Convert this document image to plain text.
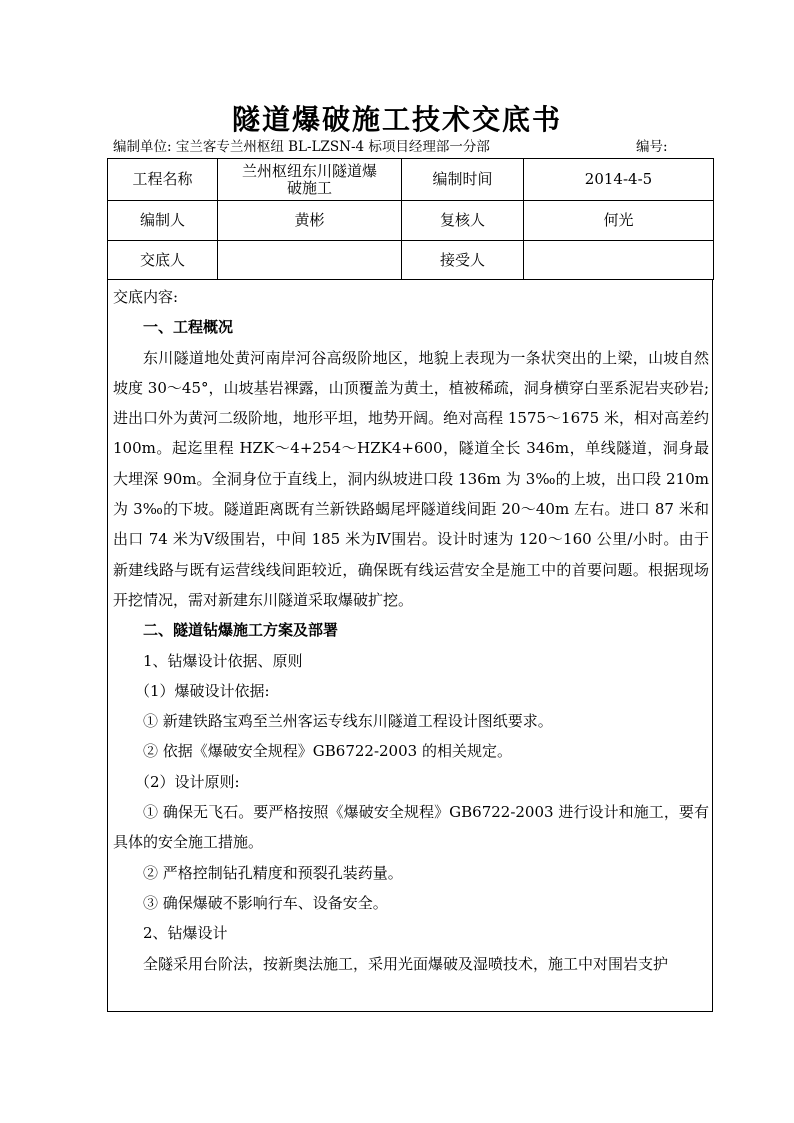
隧道爆破施工技术交底书
编制单位: 宝兰客专兰州枢纽 BL-LZSN-4 标项目经理部一分部	编号:
工程名称	兰州枢纽东川隧道爆破施工	编制时间	2014-4-5
编制人	黄彬	复核人	何光
交底人		接受人	

交底内容:

一、工程概况

东川隧道地处黄河南岸河谷高级阶地区，地貌上表现为一条状突出的上梁，山坡自然坡度 30～45°，山坡基岩裸露，山顶覆盖为黄土，植被稀疏，洞身横穿白垩系泥岩夹砂岩; 进出口外为黄河二级阶地，地形平坦，地势开阔。绝对高程 1575～1675 米，相对高差约 100m。起迄里程 HZK～4+254～HZK4+600，隧道全长 346m，单线隧道，洞身最大埋深 90m。全洞身位于直线上，洞内纵坡进口段 136m 为 3‰的上坡，出口段 210m 为 3‰的下坡。隧道距离既有兰新铁路蝎尾坪隧道线间距 20～40m 左右。进口 87 米和出口 74 米为Ⅴ级围岩，中间 185 米为Ⅳ围岩。设计时速为 120～160 公里/小时。由于新建线路与既有运营线线间距较近，确保既有线运营安全是施工中的首要问题。根据现场开挖情况，需对新建东川隧道采取爆破扩挖。

二、隧道钻爆施工方案及部署

1、钻爆设计依据、原则

（1）爆破设计依据:

① 新建铁路宝鸡至兰州客运专线东川隧道工程设计图纸要求。

② 依据《爆破安全规程》GB6722-2003 的相关规定。

（2）设计原则:

① 确保无飞石。要严格按照《爆破安全规程》GB6722-2003 进行设计和施工，要有具体的安全施工措施。

② 严格控制钻孔精度和预裂孔装药量。

③ 确保爆破不影响行车、设备安全。

2、钻爆设计

全隧采用台阶法，按新奥法施工，采用光面爆破及湿喷技术，施工中对围岩支护
